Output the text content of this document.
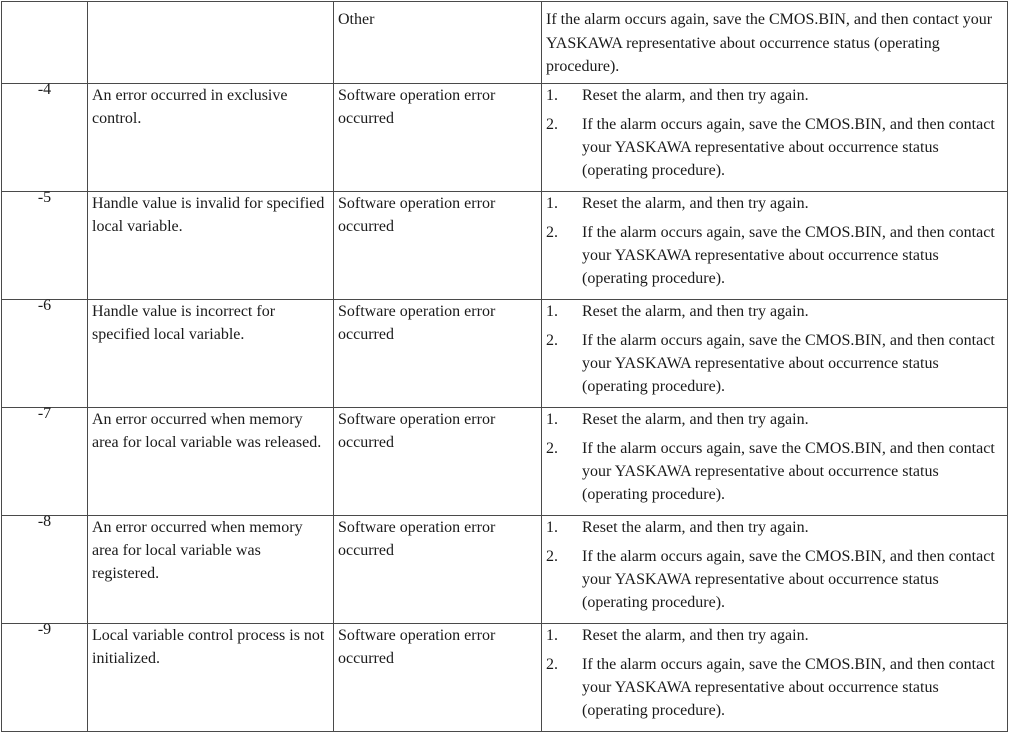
		Other	If the alarm occurs again, save the CMOS.BIN, and then contact your YASKAWA representative about occurrence status (operating procedure).

-4	An error occurred in exclusive control.	Software operation error occurred	1. Reset the alarm, and then try again.
2. If the alarm occurs again, save the CMOS.BIN, and then contact your YASKAWA representative about occurrence status (operating procedure).

-5	Handle value is invalid for specified local variable.	Software operation error occurred	1. Reset the alarm, and then try again.
2. If the alarm occurs again, save the CMOS.BIN, and then contact your YASKAWA representative about occurrence status (operating procedure).

-6	Handle value is incorrect for specified local variable.	Software operation error occurred	1. Reset the alarm, and then try again.
2. If the alarm occurs again, save the CMOS.BIN, and then contact your YASKAWA representative about occurrence status (operating procedure).

-7	An error occurred when memory area for local variable was released.	Software operation error occurred	1. Reset the alarm, and then try again.
2. If the alarm occurs again, save the CMOS.BIN, and then contact your YASKAWA representative about occurrence status (operating procedure).

-8	An error occurred when memory area for local variable was registered.	Software operation error occurred	1. Reset the alarm, and then try again.
2. If the alarm occurs again, save the CMOS.BIN, and then contact your YASKAWA representative about occurrence status (operating procedure).

-9	Local variable control process is not initialized.	Software operation error occurred	1. Reset the alarm, and then try again.
2. If the alarm occurs again, save the CMOS.BIN, and then contact your YASKAWA representative about occurrence status (operating procedure).
